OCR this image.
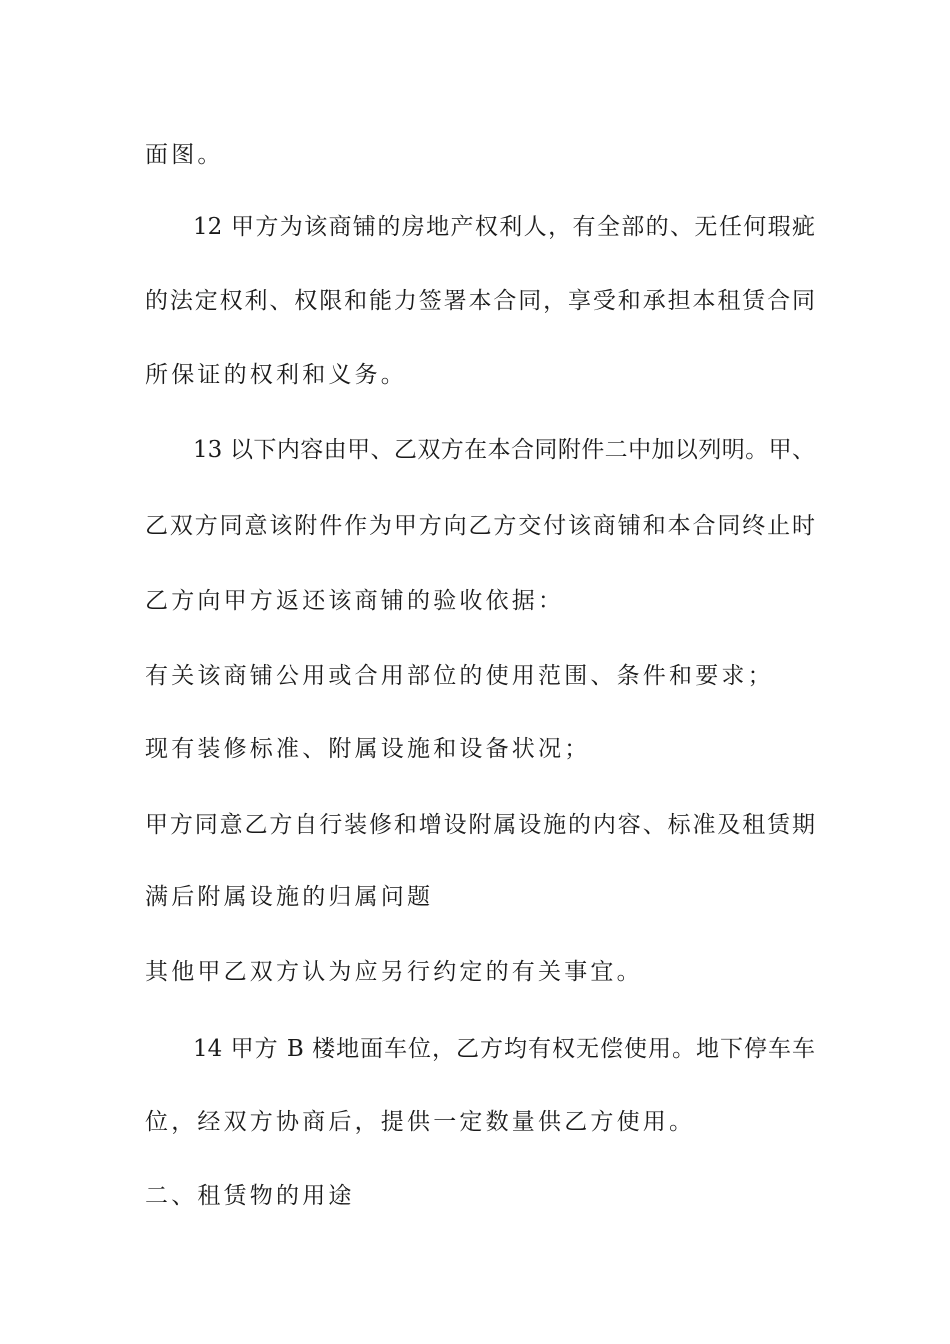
面图。
12 甲方为该商铺的房地产权利人，有全部的、无任何瑕疵
的法定权利、权限和能力签署本合同，享受和承担本租赁合同
所保证的权利和义务。
13 以下内容由甲、乙双方在本合同附件二中加以列明。甲、
乙双方同意该附件作为甲方向乙方交付该商铺和本合同终止时
乙方向甲方返还该商铺的验收依据：
有关该商铺公用或合用部位的使用范围、条件和要求；
现有装修标准、附属设施和设备状况；
甲方同意乙方自行装修和增设附属设施的内容、标准及租赁期
满后附属设施的归属问题
其他甲乙双方认为应另行约定的有关事宜。
14 甲方 B 楼地面车位，乙方均有权无偿使用。地下停车车
位，经双方协商后，提供一定数量供乙方使用。
二、租赁物的用途
